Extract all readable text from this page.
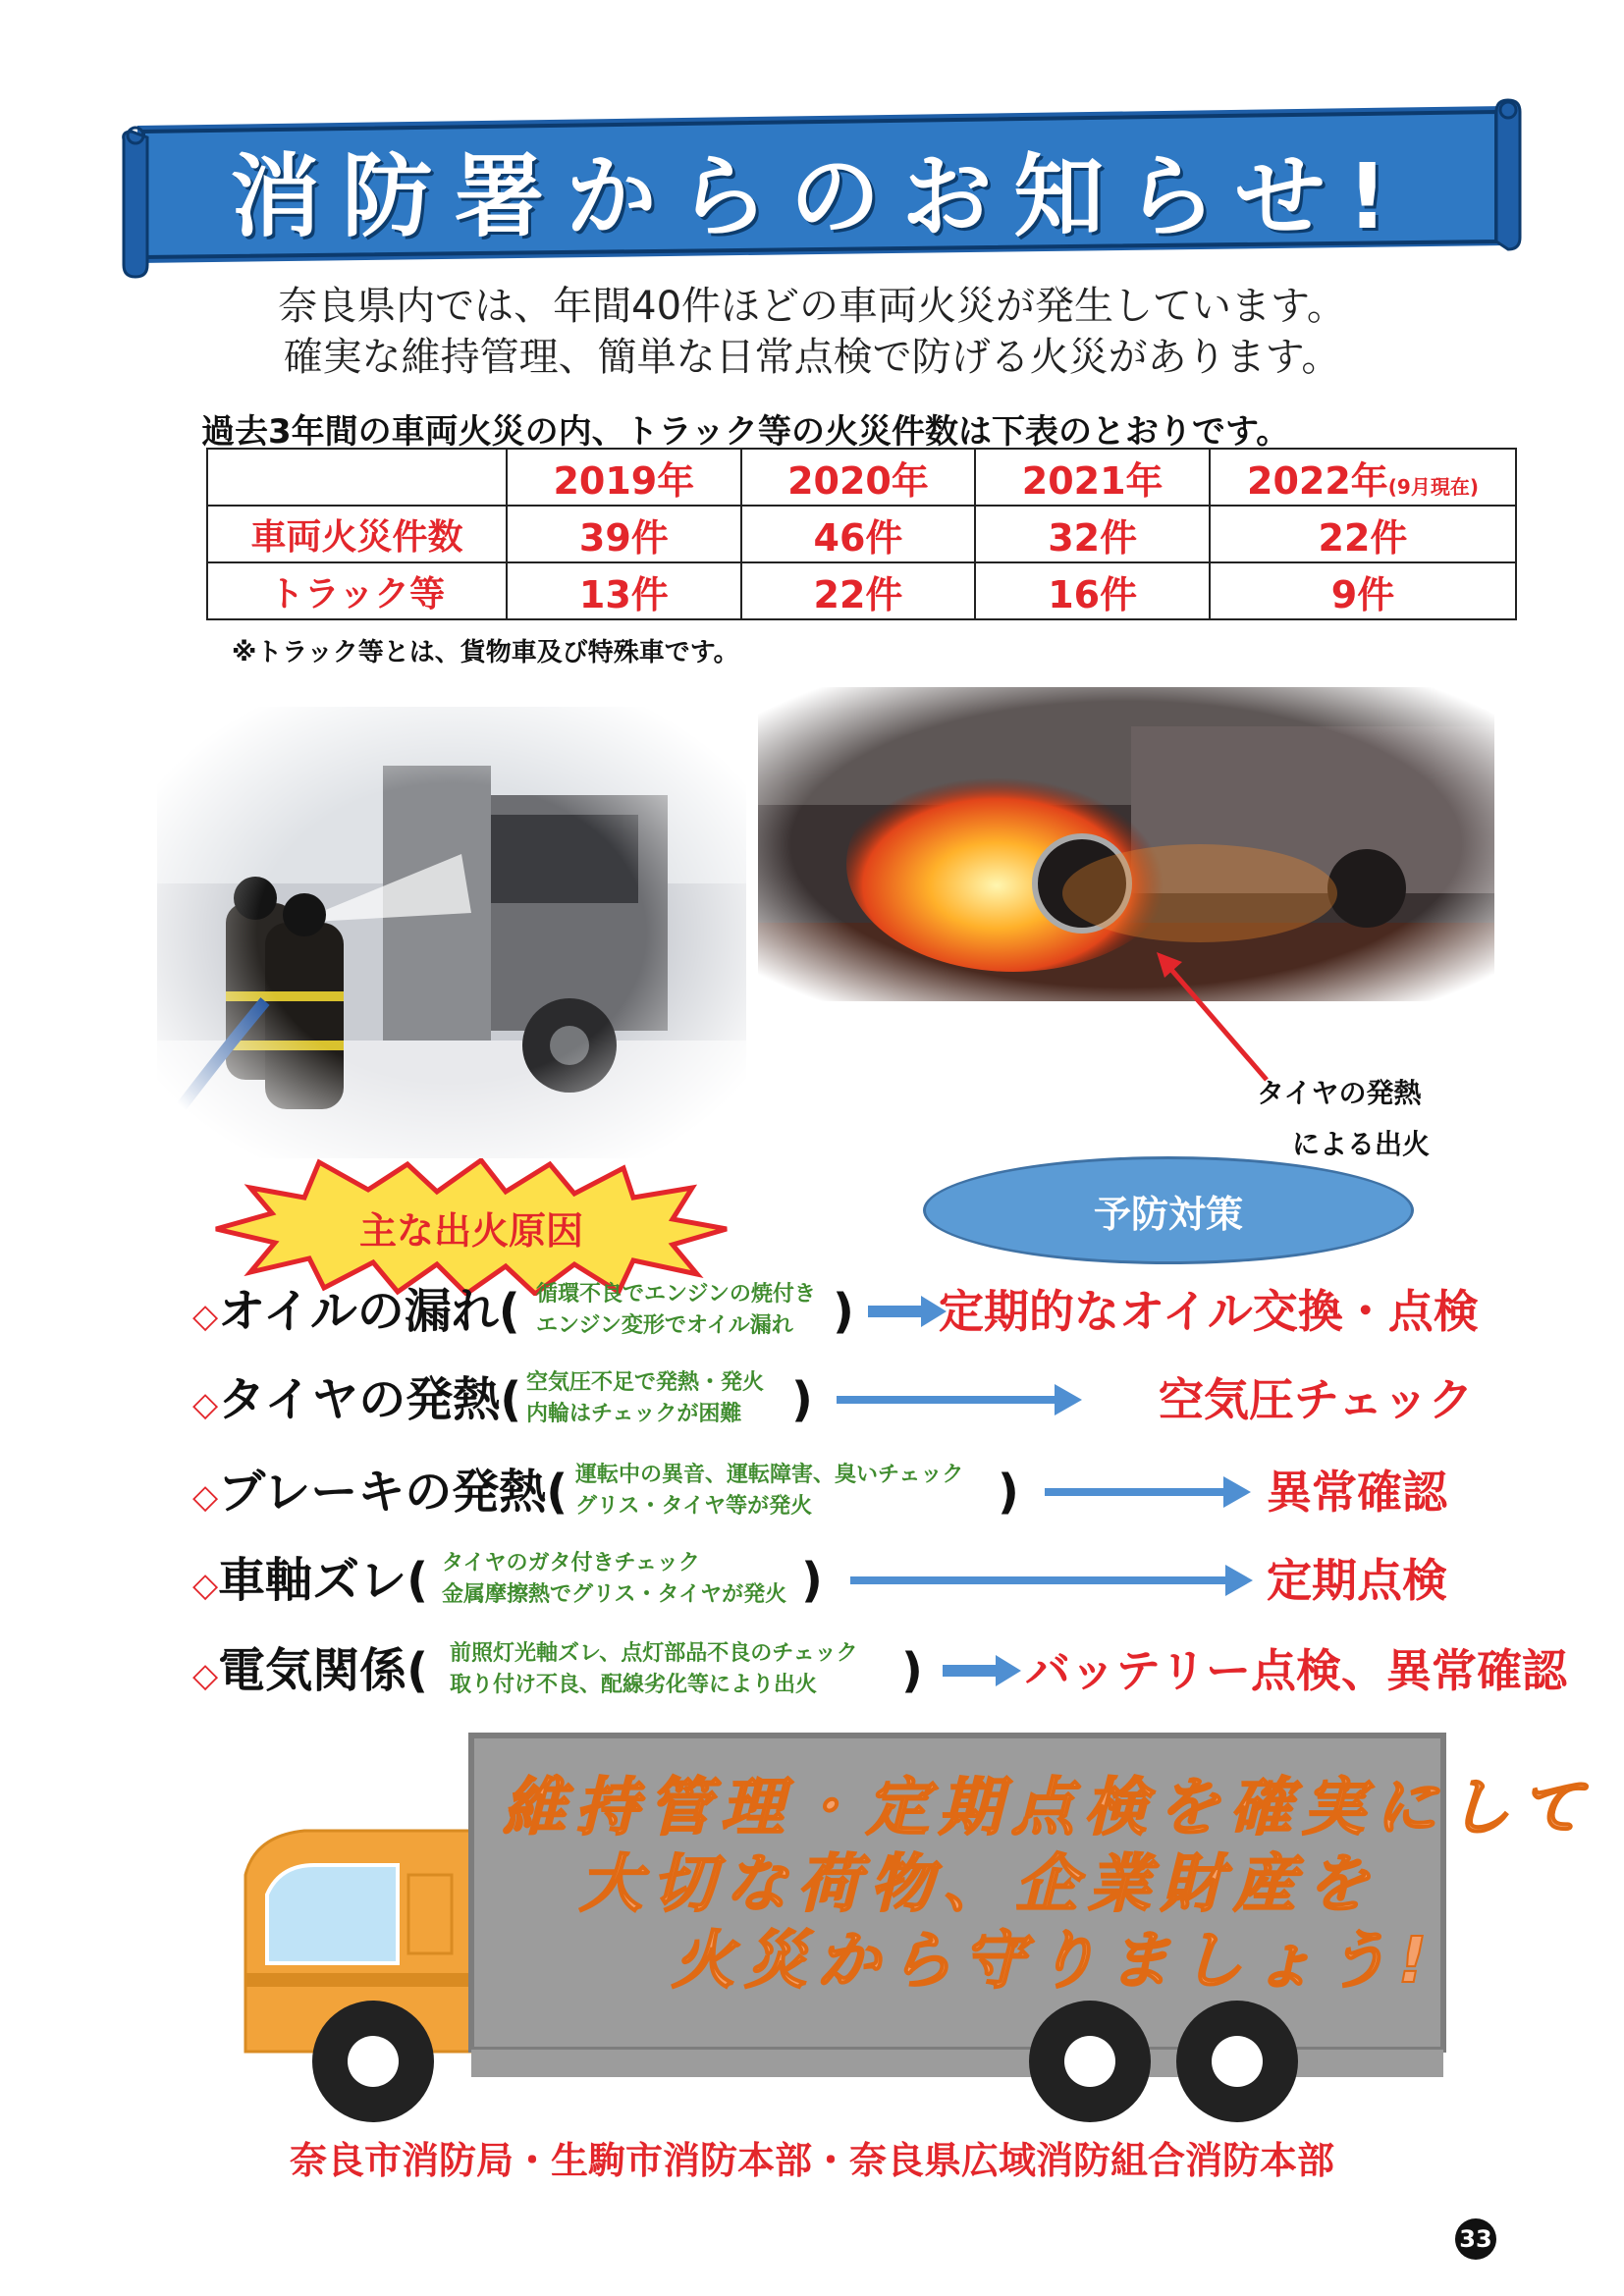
消防署からのお知らせ!
奈良県内では、年間40件ほどの車両火災が発生しています。
確実な維持管理、簡単な日常点検で防げる火災があります。
過去3年間の車両火災の内、トラック等の火災件数は下表のとおりです。
	2019年	2020年	2021年	2022年(9月現在)
車両火災件数	39件	46件	32件	22件
トラック等	13件	22件	16件	9件
※トラック等とは、貨物車及び特殊車です。
タイヤの発熱
による出火
主な出火原因	予防対策
◇オイルの漏れ( 循環不良でエンジンの焼付き
エンジン変形でオイル漏れ ) 定期的なオイル交換・点検
◇タイヤの発熱( 空気圧不足で発熱・発火
内輪はチェックが困難 )	空気圧チェック
◇ブレーキの発熱( 運転中の異音、運転障害、臭いチェック
グリス・タイヤ等が発火	)	異常確認
◇車軸ズレ( タイヤのガタ付きチェック
金属摩擦熱でグリス・タイヤが発火 )	定期点検
◇電気関係( 前照灯光軸ズレ、点灯部品不良のチェック
取り付け不良、配線劣化等により出火 ) バッテリー点検、異常確認
維持管理・定期点検を確実にして
大切な荷物、企業財産を
火災から守りましょう!
奈良市消防局・生駒市消防本部・奈良県広域消防組合消防本部
33
